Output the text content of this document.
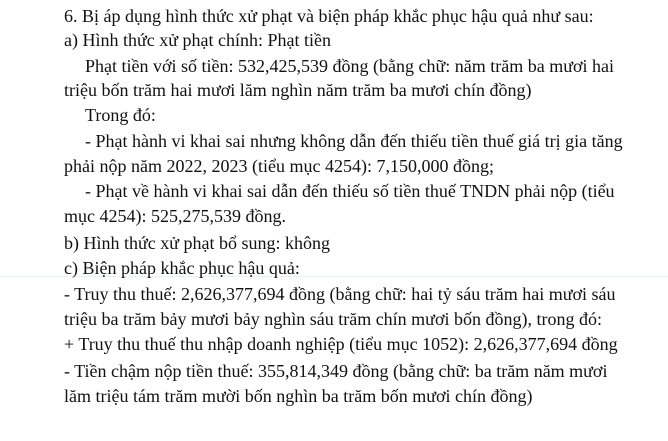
6. Bị áp dụng hình thức xử phạt và biện pháp khắc phục hậu quả như sau:
a) Hình thức xử phạt chính: Phạt tiền
Phạt tiền với số tiền: 532,425,539 đồng (bằng chữ: năm trăm ba mươi hai
triệu bốn trăm hai mươi lăm nghìn năm trăm ba mươi chín đồng)
Trong đó:
- Phạt hành vi khai sai nhưng không dẫn đến thiếu tiền thuế giá trị gia tăng
phải nộp năm 2022, 2023 (tiểu mục 4254): 7,150,000 đồng;
- Phạt về hành vi khai sai dẫn đến thiếu số tiền thuế TNDN phải nộp (tiểu
mục 4254): 525,275,539 đồng.
b) Hình thức xử phạt bổ sung: không
c) Biện pháp khắc phục hậu quả:
- Truy thu thuế: 2,626,377,694 đồng (bằng chữ: hai tỷ sáu trăm hai mươi sáu
triệu ba trăm bảy mươi bảy nghìn sáu trăm chín mươi bốn đồng), trong đó:
+ Truy thu thuế thu nhập doanh nghiệp (tiểu mục 1052): 2,626,377,694 đồng
- Tiền chậm nộp tiền thuế: 355,814,349 đồng (bằng chữ: ba trăm năm mươi
lăm triệu tám trăm mười bốn nghìn ba trăm bốn mươi chín đồng)
